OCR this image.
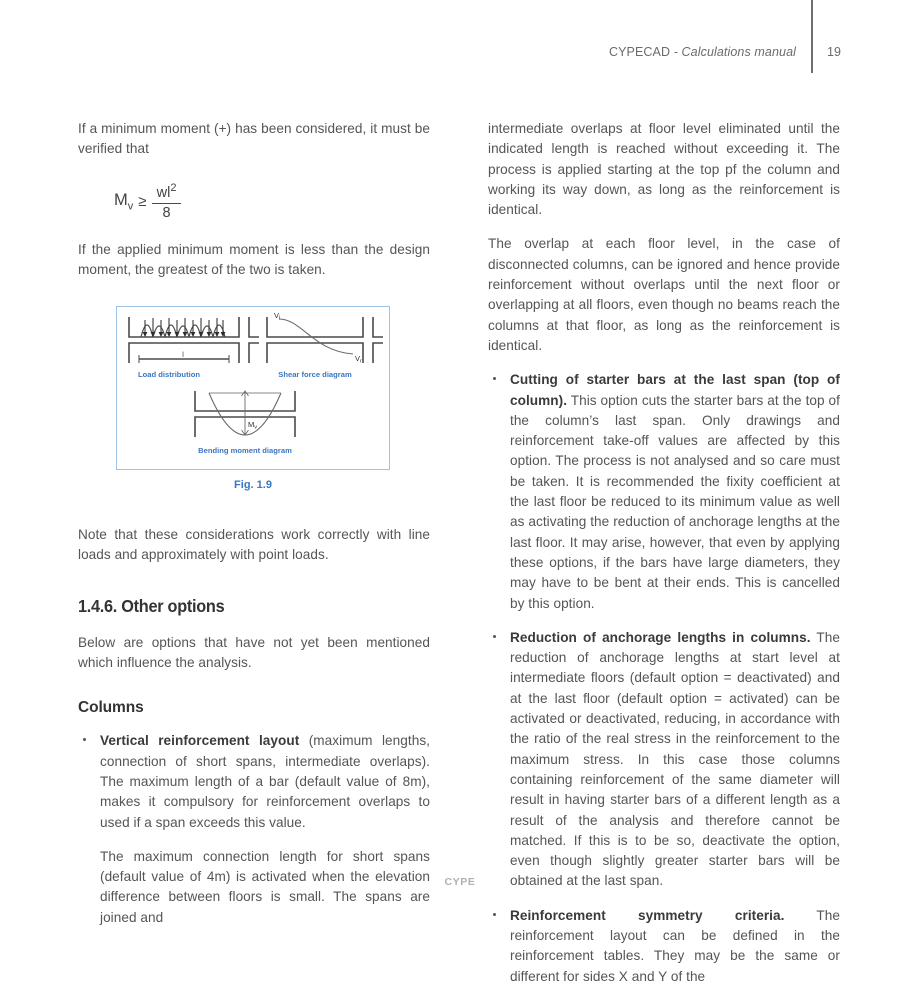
CYPECAD - Calculations manual 19

If a minimum moment (+) has been considered, it must be verified that

$M_v \ge \frac{wl^2}{8}$

If the applied minimum moment is less than the design moment, the greatest of the two is taken.

l
$V_l$
$V_r$
Load distribution	Shear force diagram
$M_v$
Bending moment diagram
Fig. 1.9

Note that these considerations work correctly with line loads and approximately with point loads.

1.4.6. Other options

Below are options that have not yet been mentioned which influence the analysis.

Columns

Vertical reinforcement layout (maximum lengths, connection of short spans, intermediate overlaps). The maximum length of a bar (default value of 8m), makes it compulsory for reinforcement overlaps to used if a span exceeds this value.

The maximum connection length for short spans (default value of 4m) is activated when the elevation difference between floors is small. The spans are joined and

intermediate overlaps at floor level eliminated until the indicated length is reached without exceeding it. The process is applied starting at the top pf the column and working its way down, as long as the reinforcement is identical.

The overlap at each floor level, in the case of disconnected columns, can be ignored and hence provide reinforcement without overlaps until the next floor or overlapping at all floors, even though no beams reach the columns at that floor, as long as the reinforcement is identical.

Cutting of starter bars at the last span (top of column). This option cuts the starter bars at the top of the column’s last span. Only drawings and reinforcement take-off values are affected by this option. The process is not analysed and so care must be taken. It is recommended the fixity coefficient at the last floor be reduced to its minimum value as well as activating the reduction of anchorage lengths at the last floor. It may arise, however, that even by applying these options, if the bars have large diameters, they may have to be bent at their ends. This is cancelled by this option.

Reduction of anchorage lengths in columns. The reduction of anchorage lengths at start level at intermediate floors (default option = deactivated) and at the last floor (default option = activated) can be activated or deactivated, reducing, in accordance with the ratio of the real stress in the reinforcement to the maximum stress. In this case those columns containing reinforcement of the same diameter will result in having starter bars of a different length as a result of the analysis and therefore cannot be matched. If this is to be so, deactivate the option, even though slightly greater starter bars will be obtained at the last span.

Reinforcement symmetry criteria. The reinforcement layout can be defined in the reinforcement tables. They may be the same or different for sides X and Y of the

CYPE
